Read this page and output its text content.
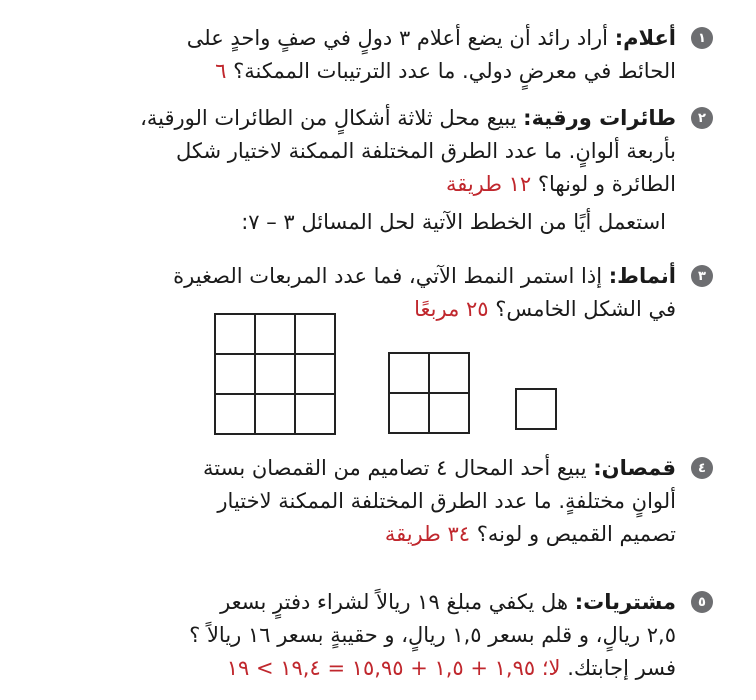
١
أعلام: أراد رائد أن يضع أعلام ٣ دولٍ في صفٍ واحدٍ على
الحائط في معرضٍ دولي. ما عدد الترتيبات الممكنة؟ ٦
٢
طائرات ورقية: يبيع محل ثلاثة أشكالٍ من الطائرات الورقية،
بأربعة ألوانٍ. ما عدد الطرق المختلفة الممكنة لاختيار شكل
الطائرة و لونها؟ ١٢ طريقة
استعمل أيًا من الخطط الآتية لحل المسائل ٣ – ٧:
٣
أنماط: إذا استمر النمط الآتي، فما عدد المربعات الصغيرة
في الشكل الخامس؟ ٢٥ مربعًا
٤
قمصان: يبيع أحد المحال ٤ تصاميم من القمصان بستة
ألوانٍ مختلفةٍ. ما عدد الطرق المختلفة الممكنة لاختيار
تصميم القميص و لونه؟ ٣٤ طريقة
٥
مشتريات: هل يكفي مبلغ ١٩ ريالاً لشراء دفترٍ بسعر
٢,٥ ريالٍ، و قلم بسعر ١,٥ ريالٍ، و حقيبةٍ بسعر ١٦ ريالاً ؟
فسر إجابتك. لا؛ ١,٩٥ + ١,٥ + ١٥,٩٥ = ١٩,٤ > ١٩
